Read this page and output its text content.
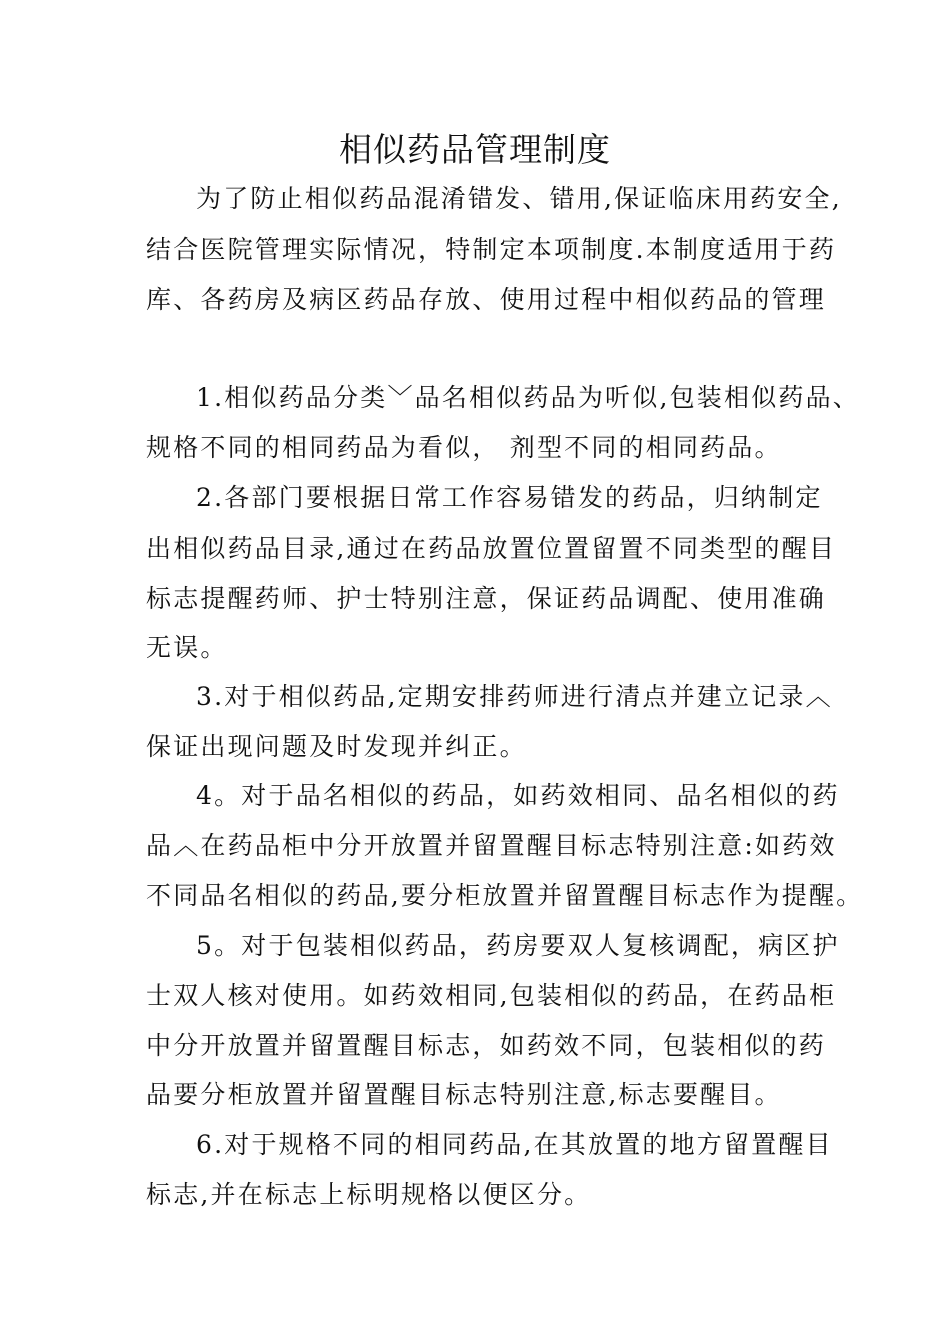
相似药品管理制度
为了防止相似药品混淆错发、错用,保证临床用药安全,
结合医院管理实际情况，特制定本项制度.本制度适用于药
库、各药房及病区药品存放、使用过程中相似药品的管理
1.相似药品分类﹀品名相似药品为听似,包装相似药品、
规格不同的相同药品为看似， 剂型不同的相同药品。
2.各部门要根据日常工作容易错发的药品，归纳制定
出相似药品目录,通过在药品放置位置留置不同类型的醒目
标志提醒药师、护士特别注意，保证药品调配、使用准确
无误。
3.对于相似药品,定期安排药师进行清点并建立记录︿
保证出现问题及时发现并纠正。
4。对于品名相似的药品，如药效相同、品名相似的药
品︿在药品柜中分开放置并留置醒目标志特别注意:如药效
不同品名相似的药品,要分柜放置并留置醒目标志作为提醒。
5。对于包装相似药品，药房要双人复核调配，病区护
士双人核对使用。如药效相同,包装相似的药品，在药品柜
中分开放置并留置醒目标志，如药效不同，包装相似的药
品要分柜放置并留置醒目标志特别注意,标志要醒目。
6.对于规格不同的相同药品,在其放置的地方留置醒目
标志,并在标志上标明规格以便区分。
